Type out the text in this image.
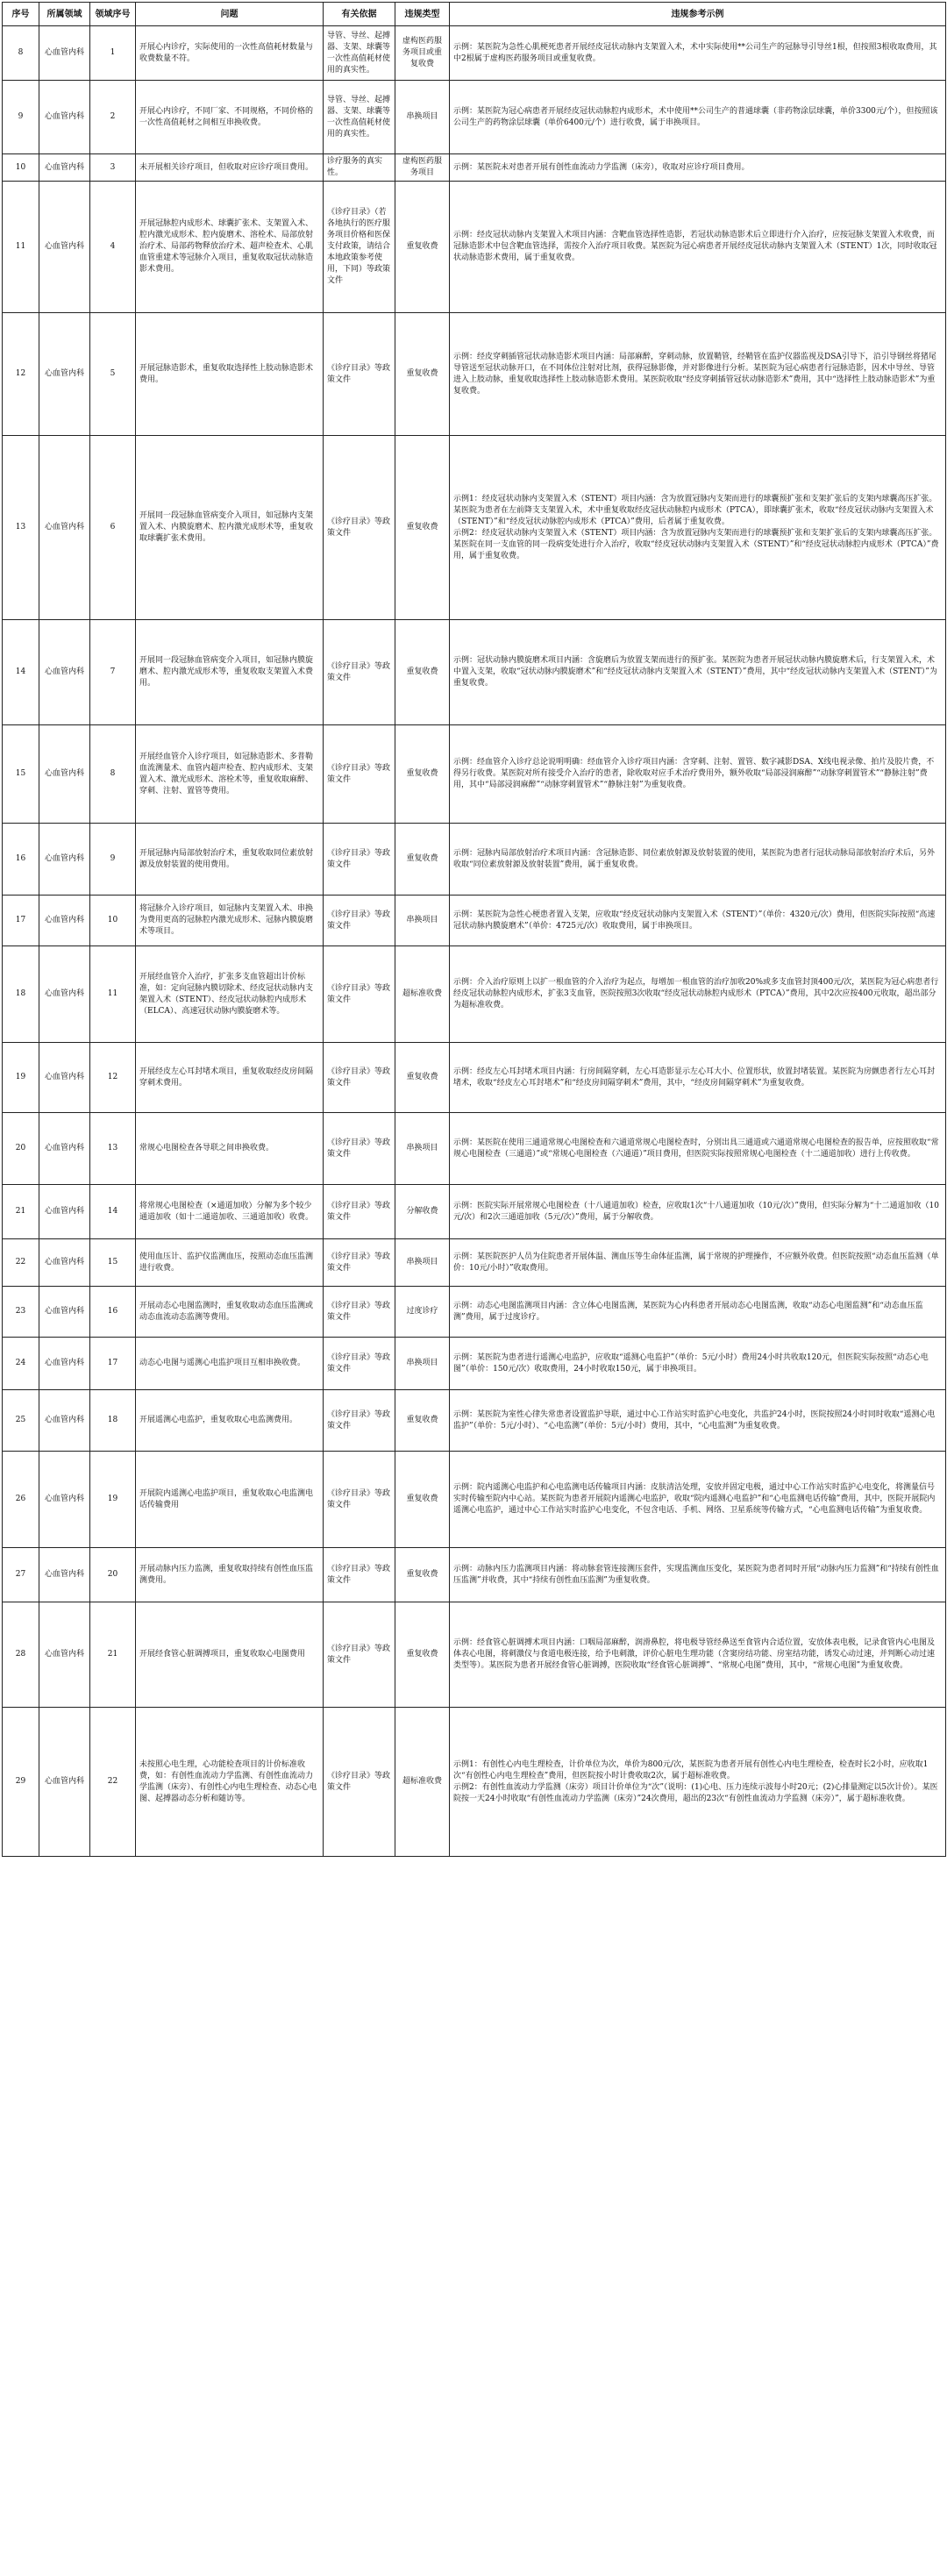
序号	所属领域	领域序号	问题	有关依据	违规类型	违规参考示例
8	心血管内科	1	开展心内诊疗，实际使用的一次性高值耗材数量与收费数量不符。	导管、导丝、起搏器、支架、球囊等一次性高值耗材使用的真实性。	虚构医药服务项目或重复收费	示例：某医院为急性心肌梗死患者开展经皮冠状动脉内支架置入术，术中实际使用**公司生产的冠脉导引导丝1根，但按照3根收取费用，其中2根属于虚构医药服务项目或重复收费。
9	心血管内科	2	开展心内诊疗，不同厂家、不同规格，不同价格的一次性高值耗材之间相互串换收费。	导管、导丝、起搏器、支架、球囊等一次性高值耗材使用的真实性。	串换项目	示例：某医院为冠心病患者开展经皮冠状动脉腔内成形术，术中使用**公司生产的普通球囊（非药物涂层球囊，单价3300元/个），但按照该公司生产的药物涂层球囊（单价6400元/个）进行收费，属于串换项目。
10	心血管内科	3	未开展相关诊疗项目，但收取对应诊疗项目费用。	诊疗服务的真实性。	虚构医药服务项目	示例：某医院未对患者开展有创性血流动力学监测（床旁），收取对应诊疗项目费用。
11	心血管内科	4	开展冠脉腔内成形术、球囊扩张术、支架置入术、腔内激光成形术、腔内旋磨术、溶栓术、局部放射治疗术、局部药物释放治疗术、超声检查术、心肌血管重建术等冠脉介入项目，重复收取冠状动脉造影术费用。	《诊疗目录》（若各地执行的医疗服务项目价格和医保支付政策，请结合本地政策参考使用，下同）等政策文件	重复收费	示例：经皮冠状动脉内支架置入术项目内涵：含靶血管选择性造影，若冠状动脉造影术后立即进行介入治疗，应按冠脉支架置入术收费，而冠脉造影术中包含靶血管选择，需按介入治疗项目收费。某医院为冠心病患者开展经皮冠状动脉内支架置入术（STENT）1次，同时收取冠状动脉造影术费用，属于重复收费。
12	心血管内科	5	开展冠脉造影术，重复收取选择性上肢动脉造影术费用。	《诊疗目录》等政策文件	重复收费	示例：经皮穿刺插管冠状动脉造影术项目内涵：局部麻醉，穿刺动脉，放置鞘管，经鞘管在监护仪器监视及DSA引导下，沿引导钢丝将猪尾导管送至冠状动脉开口，在不同体位注射对比剂，获得冠脉影像，并对影像进行分析。某医院为冠心病患者行冠脉造影，因术中导丝、导管进入上肢动脉，重复收取选择性上肢动脉造影术费用。某医院收取“经皮穿刺插管冠状动脉造影术”费用，其中“选择性上肢动脉造影术”为重复收费。
13	心血管内科	6	开展同一段冠脉血管病变介入项目，如冠脉内支架置入术、内膜旋磨术、腔内激光成形术等，重复收取球囊扩张术费用。	《诊疗目录》等政策文件	重复收费	示例1：经皮冠状动脉内支架置入术（STENT）项目内涵：含为放置冠脉内支架而进行的球囊预扩张和支架扩张后的支架内球囊高压扩张。某医院为患者在左前降支支架置入术，术中重复收取经皮冠状动脉腔内成形术（PTCA），即球囊扩张术，收取“经皮冠状动脉内支架置入术（STENT）”和“经皮冠状动脉腔内成形术（PTCA）”费用，后者属于重复收费。
示例2：经皮冠状动脉内支架置入术（STENT）项目内涵：含为放置冠脉内支架而进行的球囊预扩张和支架扩张后的支架内球囊高压扩张。某医院在同一支血管的同一段病变处进行介入治疗，收取“经皮冠状动脉内支架置入术（STENT）”和“经皮冠状动脉腔内成形术（PTCA）”费用，属于重复收费。
14	心血管内科	7	开展同一段冠脉血管病变介入项目，如冠脉内膜旋磨术、腔内激光成形术等，重复收取支架置入术费用。	《诊疗目录》等政策文件	重复收费	示例：冠状动脉内膜旋磨术项目内涵：含旋磨后为放置支架而进行的预扩张。某医院为患者开展冠状动脉内膜旋磨术后，行支架置入术，术中置入支架，收取“冠状动脉内膜旋磨术”和“经皮冠状动脉内支架置入术（STENT）”费用，其中“经皮冠状动脉内支架置入术（STENT）”为重复收费。
15	心血管内科	8	开展经血管介入诊疗项目，如冠脉造影术、多普勒血流测量术、血管内超声检查、腔内成形术、支架置入术、激光成形术、溶栓术等，重复收取麻醉、穿刺、注射、置管等费用。	《诊疗目录》等政策文件	重复收费	示例：经血管介入诊疗总论说明明确：经血管介入诊疗项目内涵：含穿刺、注射、置管、数字减影DSA、X线电视录像、拍片及胶片费，不得另行收费。某医院对所有接受介入治疗的患者，除收取对应手术治疗费用外，额外收取“局部浸润麻醉”“动脉穿刺置管术”“静脉注射”费用，其中“局部浸润麻醉”“动脉穿刺置管术”“静脉注射”为重复收费。
16	心血管内科	9	开展冠脉内局部放射治疗术，重复收取同位素放射源及放射装置的使用费用。	《诊疗目录》等政策文件	重复收费	示例：冠脉内局部放射治疗术项目内涵：含冠脉造影、同位素放射源及放射装置的使用，某医院为患者行冠状动脉局部放射治疗术后，另外收取“同位素放射源及放射装置”费用，属于重复收费。
17	心血管内科	10	将冠脉介入诊疗项目，如冠脉内支架置入术、串换为费用更高的冠脉腔内激光成形术、冠脉内膜旋磨术等项目。	《诊疗目录》等政策文件	串换项目	示例：某医院为急性心梗患者置入支架，应收取“经皮冠状动脉内支架置入术（STENT）”（单价：4320元/次）费用，但医院实际按照“高速冠状动脉内膜旋磨术”（单价：4725元/次）收取费用，属于串换项目。
18	心血管内科	11	开展经血管介入治疗，扩张多支血管超出计价标准，如：定向冠脉内膜切除术、经皮冠状动脉内支架置入术（STENT）、经皮冠状动脉腔内成形术（ELCA）、高速冠状动脉内膜旋磨术等。	《诊疗目录》等政策文件	超标准收费	示例：介入治疗原则上以扩一根血管的介入治疗为起点，每增加一根血管的治疗加收20%或多支血管封顶400元/次，某医院为冠心病患者行经皮冠状动脉腔内成形术，扩张3支血管，医院按照3次收取“经皮冠状动脉腔内成形术（PTCA）”费用，其中2次应按400元收取，超出部分为超标准收费。
19	心血管内科	12	开展经皮左心耳封堵术项目，重复收取经皮房间隔穿刺术费用。	《诊疗目录》等政策文件	重复收费	示例：经皮左心耳封堵术项目内涵：行房间隔穿刺，左心耳造影显示左心耳大小、位置形状，放置封堵装置。某医院为房颤患者行左心耳封堵术，收取“经皮左心耳封堵术”和“经皮房间隔穿刺术”费用，其中，“经皮房间隔穿刺术”为重复收费。
20	心血管内科	13	常规心电图检查各导联之间串换收费。	《诊疗目录》等政策文件	串换项目	示例：某医院在使用三通道常规心电图检查和六通道常规心电图检查时，分别出具三通道或六通道常规心电图检查的报告单，应按照收取“常规心电图检查（三通道）”或“常规心电图检查（六通道）”项目费用，但医院实际按照常规心电图检查（十二通道加收）进行上传收费。
21	心血管内科	14	将常规心电图检查（×通道加收）分解为多个较少通道加收（如十二通道加收、三通道加收）收费。	《诊疗目录》等政策文件	分解收费	示例：医院实际开展常规心电图检查（十八通道加收）检查，应收取1次“十八通道加收（10元/次）”费用，但实际分解为“十二通道加收（10元/次）和2次三通道加收（5元/次）”费用，属于分解收费。
22	心血管内科	15	使用血压计、监护仪监测血压，按照动态血压监测进行收费。	《诊疗目录》等政策文件	串换项目	示例：某医院医护人员为住院患者开展体温、测血压等生命体征监测，属于常规的护理操作，不应额外收费。但医院按照“动态血压监测（单价：10元/小时）”收取费用。
23	心血管内科	16	开展动态心电图监测时，重复收取动态血压监测或动态血流动态监测等费用。	《诊疗目录》等政策文件	过度诊疗	示例：动态心电图监测项目内涵：含立体心电图监测，某医院为心内科患者开展动态心电图监测，收取“动态心电图监测”和“动态血压监测”费用，属于过度诊疗。
24	心血管内科	17	动态心电图与遥测心电监护项目互相串换收费。	《诊疗目录》等政策文件	串换项目	示例：某医院为患者进行遥测心电监护，应收取“遥测心电监护”（单价：5元/小时）费用24小时共收取120元，但医院实际按照“动态心电图”（单价：150元/次）收取费用，24小时收取150元，属于串换项目。
25	心血管内科	18	开展遥测心电监护，重复收取心电监测费用。	《诊疗目录》等政策文件	重复收费	示例：某医院为室性心律失常患者设置监护导联，通过中心工作站实时监护心电变化，共监护24小时，医院按照24小时同时收取“遥测心电监护”（单价：5元/小时）、“心电监测”（单价：5元/小时）费用，其中，“心电监测”为重复收费。
26	心血管内科	19	开展院内遥测心电监护项目，重复收取心电监测电话传输费用	《诊疗目录》等政策文件	重复收费	示例：院内遥测心电监护和心电监测电话传输项目内涵：皮肤清洁处理，安放并固定电极，通过中心工作站实时监护心电变化，将测量信号实时传输至院内中心站。某医院为患者开展院内遥测心电监护，收取“院内遥测心电监护”和“心电监测电话传输”费用，其中，医院开展院内遥测心电监护，通过中心工作站实时监护心电变化，不包含电话、手机、网络、卫星系统等传输方式，“心电监测电话传输”为重复收费。
27	心血管内科	20	开展动脉内压力监测，重复收取持续有创性血压监测费用。	《诊疗目录》等政策文件	重复收费	示例：动脉内压力监测项目内涵：将动脉套管连接测压套件，实现监测血压变化，某医院为患者同时开展“动脉内压力监测”和“持续有创性血压监测”并收费，其中“持续有创性血压监测”为重复收费。
28	心血管内科	21	开展经食管心脏调搏项目，重复收取心电图费用	《诊疗目录》等政策文件	重复收费	示例：经食管心脏调搏术项目内涵：口咽局部麻醉，润滑鼻腔，将电极导管经鼻送至食管内合适位置，安放体表电极，记录食管内心电图及体表心电图，将刺激仪与食道电极连接，给予电刺激，评价心脏电生理功能（含窦房结功能、房室结功能，诱发心动过速，并判断心动过速类型等）。某医院为患者开展经食管心脏调搏，医院收取“经食管心脏调搏”、“常规心电图”费用，其中，“常规心电图”为重复收费。
29	心血管内科	22	未按照心电生理，心功能检查项目的计价标准收费，如：有创性血流动力学监测、有创性血流动力学监测（床旁）、有创性心内电生理检查、动态心电图、起搏器动态分析和随访等。	《诊疗目录》等政策文件	超标准收费	示例1：有创性心内电生理检查，计价单位为次，单价为800元/次，某医院为患者开展有创性心内电生理检查，检查时长2小时，应收取1次“有创性心内电生理检查”费用，但医院按小时计费收取2次，属于超标准收费。
示例2：有创性血流动力学监测（床旁）项目计价单位为“次”（说明：(1)心电、压力连续示波每小时20元；(2)心排量测定以5次计价）。某医院按一天24小时收取“有创性血流动力学监测（床旁）”24次费用，超出的23次“有创性血流动力学监测（床旁）”，属于超标准收费。
